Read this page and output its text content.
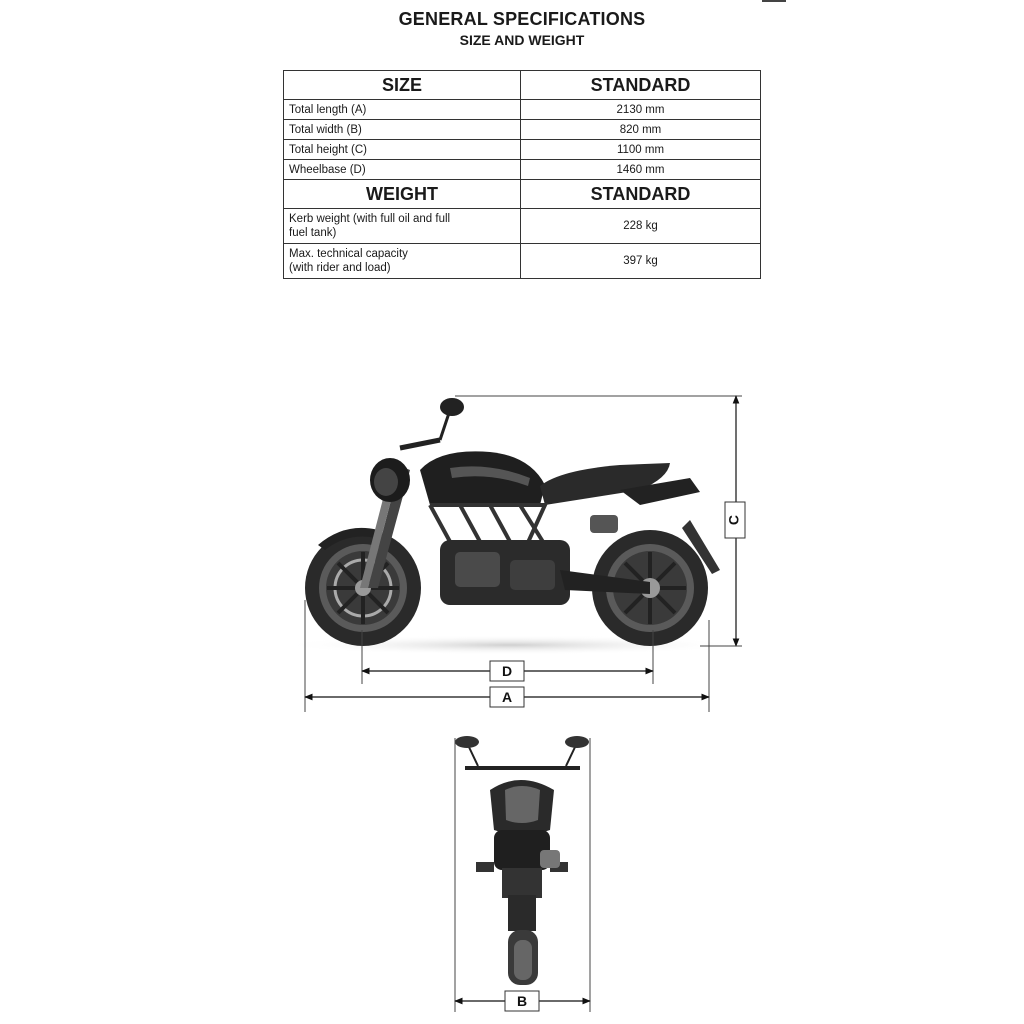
GENERAL SPECIFICATIONS
SIZE AND WEIGHT
SIZE	STANDARD
Total length (A)	2130 mm
Total width (B)	820 mm
Total height (C)	1100 mm
Wheelbase (D)	1460 mm
WEIGHT	STANDARD
Kerb weight (with full oil and full
fuel tank)	228 kg
Max. technical capacity
(with rider and load)	397 kg
C
D
A
B
